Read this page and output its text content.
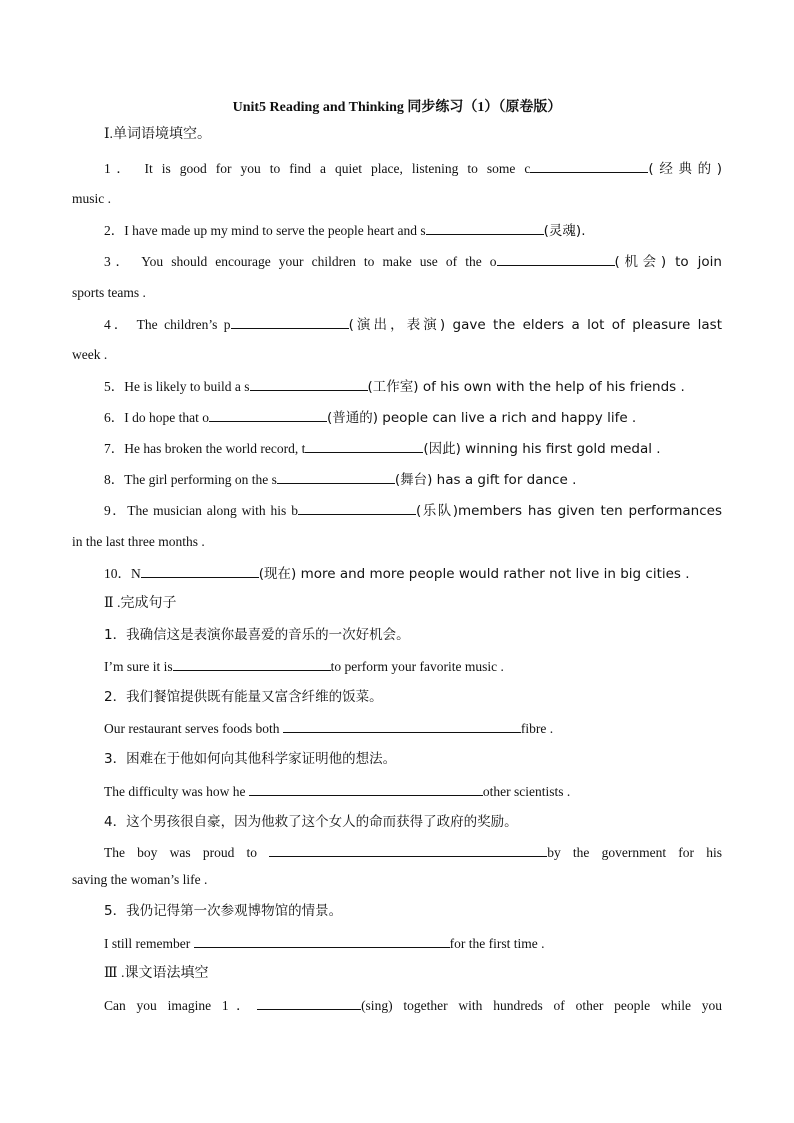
Unit5 Reading and Thinking 同步练习（1）（原卷版）
Ⅰ.单词语境填空。
1． It is good for you to find a quiet place, listening to some c	(经典的)
music .
2．I have made up my mind to serve the people heart and s	(灵魂).
3． You should encourage your children to make use of the o	(机会) to join
sports teams .
4． The children’s p	(演出，表演) gave the elders a lot of pleasure last
week .
5．He is likely to build a s	(工作室) of his own with the help of his friends .
6．I do hope that o	(普通的) people can live a rich and happy life .
7．He has broken the world record, t	(因此) winning his first gold medal .
8．The girl performing on the s	(舞台) has a gift for dance .
9．The musician along with his b	(乐队)members has given ten performances
in the last three months .
10．N	(现在) more and more people would rather not live in big cities .
Ⅱ .完成句子
1．我确信这是表演你最喜爱的音乐的一次好机会。
I’m sure it is	to perform your favorite music .
2．我们餐馆提供既有能量又富含纤维的饭菜。
Our restaurant serves foods both	fibre .
3．困难在于他如何向其他科学家证明他的想法。
The difficulty was how he	other scientists .
4．这个男孩很自豪，因为他救了这个女人的命而获得了政府的奖励。
The boy was proud to	by the government for his
saving the woman’s life .
5．我仍记得第一次参观博物馆的情景。
I still remember	for the first time .
Ⅲ .课文语法填空
Can you imagine 1．	(sing) together with hundreds of other people while you
